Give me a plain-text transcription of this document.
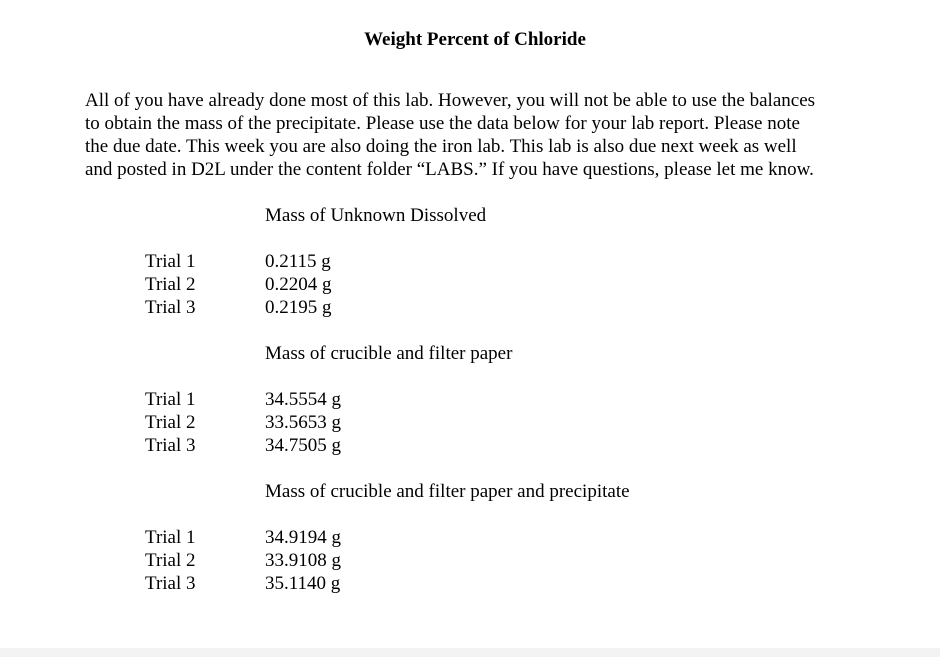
Weight Percent of Chloride
All of you have already done most of this lab. However, you will not be able to use the balances
to obtain the mass of the precipitate. Please use the data below for your lab report. Please note
the due date. This week you are also doing the iron lab. This lab is also due next week as well
and posted in D2L under the content folder “LABS.” If you have questions, please let me know.
Mass of Unknown Dissolved
Trial 1	0.2115 g
Trial 2	0.2204 g
Trial 3	0.2195 g
Mass of crucible and filter paper
Trial 1	34.5554 g
Trial 2	33.5653 g
Trial 3	34.7505 g
Mass of crucible and filter paper and precipitate
Trial 1	34.9194 g
Trial 2	33.9108 g
Trial 3	35.1140 g
